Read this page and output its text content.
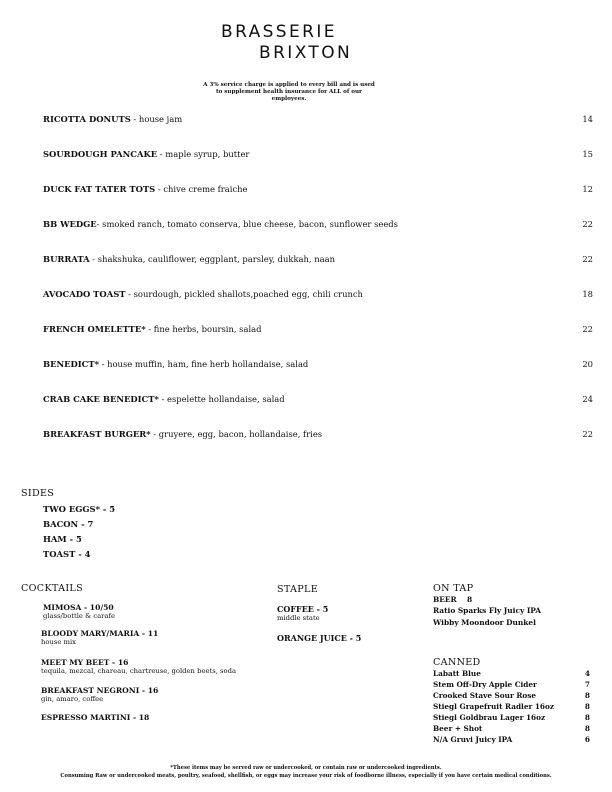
BRASSERIE
BRIXTON
A 3% service charge is applied to every bill and is used to supplement health insurance for ALL of our employees.
RICOTTA DONUTS - house jam	14
SOURDOUGH PANCAKE - maple syrup, butter	15
DUCK FAT TATER TOTS - chive creme fraiche	12
BB WEDGE- smoked ranch, tomato conserva, blue cheese, bacon, sunflower seeds	22
BURRATA - shakshuka, cauliflower, eggplant, parsley, dukkah, naan	22
AVOCADO TOAST - sourdough, pickled shallots,poached egg, chili crunch	18
FRENCH OMELETTE* - fine herbs, boursin, salad	22
BENEDICT* - house muffin, ham, fine herb hollandaise, salad	20
CRAB CAKE BENEDICT* - espelette hollandaise, salad	24
BREAKFAST BURGER* - gruyere, egg, bacon, hollandaise, fries	22
SIDES
TWO EGGS* - 5
BACON - 7
HAM - 5
TOAST - 4
COCKTAILS
MIMOSA - 10/50
glass/bottle & carafe
BLOODY MARY/MARIA - 11
house mix
MEET MY BEET - 16
tequila, mezcal, chareau, chartreuse, golden beets, soda
BREAKFAST NEGRONI - 16
gin, amaro, coffee
ESPRESSO MARTINI - 18
STAPLE
COFFEE - 5
middle state
ORANGE JUICE - 5
ON TAP
BEER    8
Ratio Sparks Fly Juicy IPA
Wibby Moondoor Dunkel
CANNED
Labatt Blue	4
Stem Off-Dry Apple Cider	7
Crooked Stave Sour Rose	8
Stiegl Grapefruit Radler 16oz	8
Stiegl Goldbrau Lager 16oz	8
Beer + Shot	8
N/A Gruvi Juicy IPA	6
*These items may be served raw or undercooked, or contain raw or undercooked ingredients.
Consuming Raw or undercooked meats, poultry, seafood, shellfish, or eggs may increase your risk of foodborne illness, especially if you have certain medical conditions.
